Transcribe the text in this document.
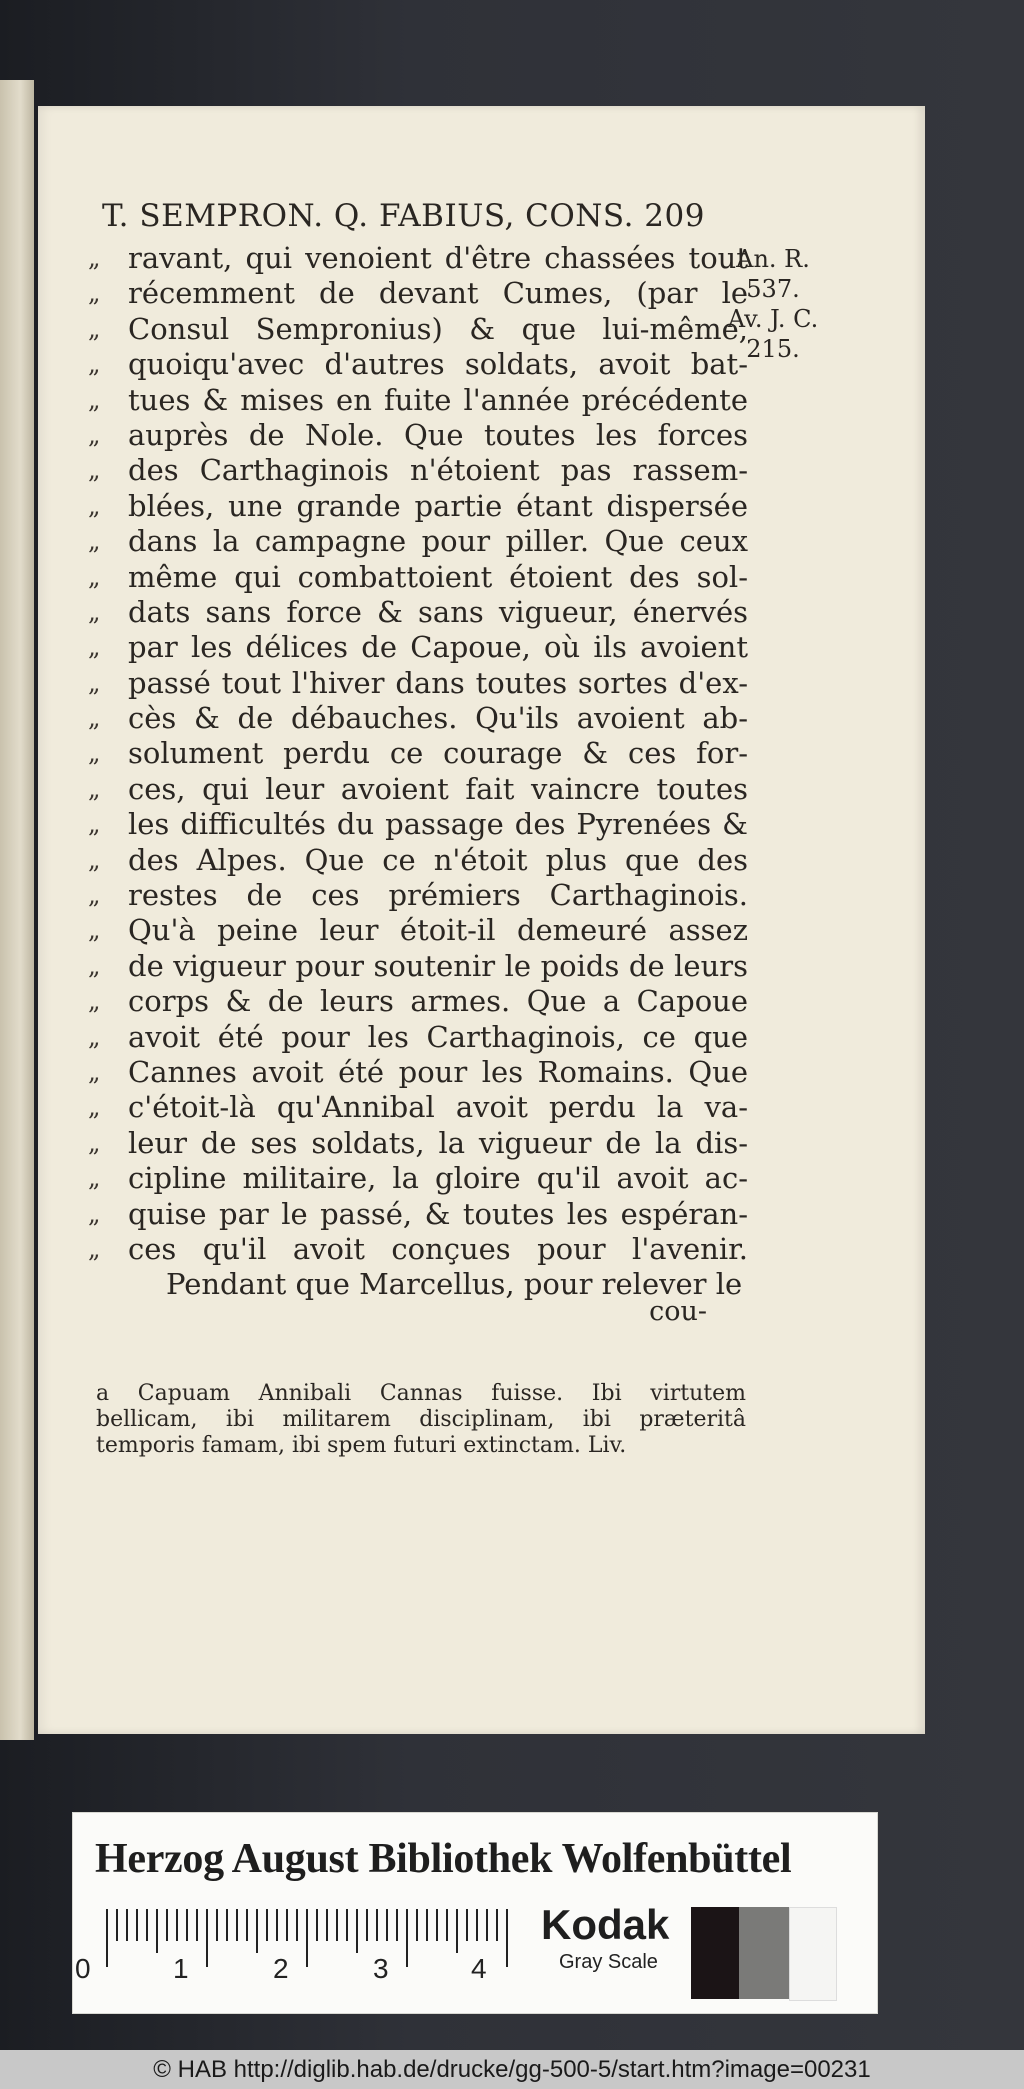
T. SEMPRON. Q. FABIUS, CONS. 209
An. R.
537.
Av. J. C.
215.
„ ravant, qui venoient d'être chassées tout
„ récemment de devant Cumes, (par le
„ Consul Sempronius) & que lui-même,
„ quoiqu'avec d'autres soldats, avoit bat-
„ tues & mises en fuite l'année précédente
„ auprès de Nole. Que toutes les forces
„ des Carthaginois n'étoient pas rassem-
„ blées, une grande partie étant dispersée
„ dans la campagne pour piller. Que ceux
„ même qui combattoient étoient des sol-
„ dats sans force & sans vigueur, énervés
„ par les délices de Capoue, où ils avoient
„ passé tout l'hiver dans toutes sortes d'ex-
„ cès & de débauches. Qu'ils avoient ab-
„ solument perdu ce courage & ces for-
„ ces, qui leur avoient fait vaincre toutes
„ les difficultés du passage des Pyrenées &
„ des Alpes. Que ce n'étoit plus que des
„ restes de ces prémiers Carthaginois.
„ Qu'à peine leur étoit-il demeuré assez
„ de vigueur pour soutenir le poids de leurs
„ corps & de leurs armes. Que a Capoue
„ avoit été pour les Carthaginois, ce que
„ Cannes avoit été pour les Romains. Que
„ c'étoit-là qu'Annibal avoit perdu la va-
„ leur de ses soldats, la vigueur de la dis-
„ cipline militaire, la gloire qu'il avoit ac-
„ quise par le passé, & toutes les espéran-
„ ces qu'il avoit conçues pour l'avenir.
Pendant que Marcellus, pour relever le
cou-
a Capuam Annibali Cannas fuisse. Ibi virtutem
bellicam, ibi militarem disciplinam, ibi præteritâ
temporis famam, ibi spem futuri extinctam. Liv.
Herzog August Bibliothek Wolfenbüttel
0	1	2	3	4
Kodak
Gray Scale
© HAB http://diglib.hab.de/drucke/gg-500-5/start.htm?image=00231
